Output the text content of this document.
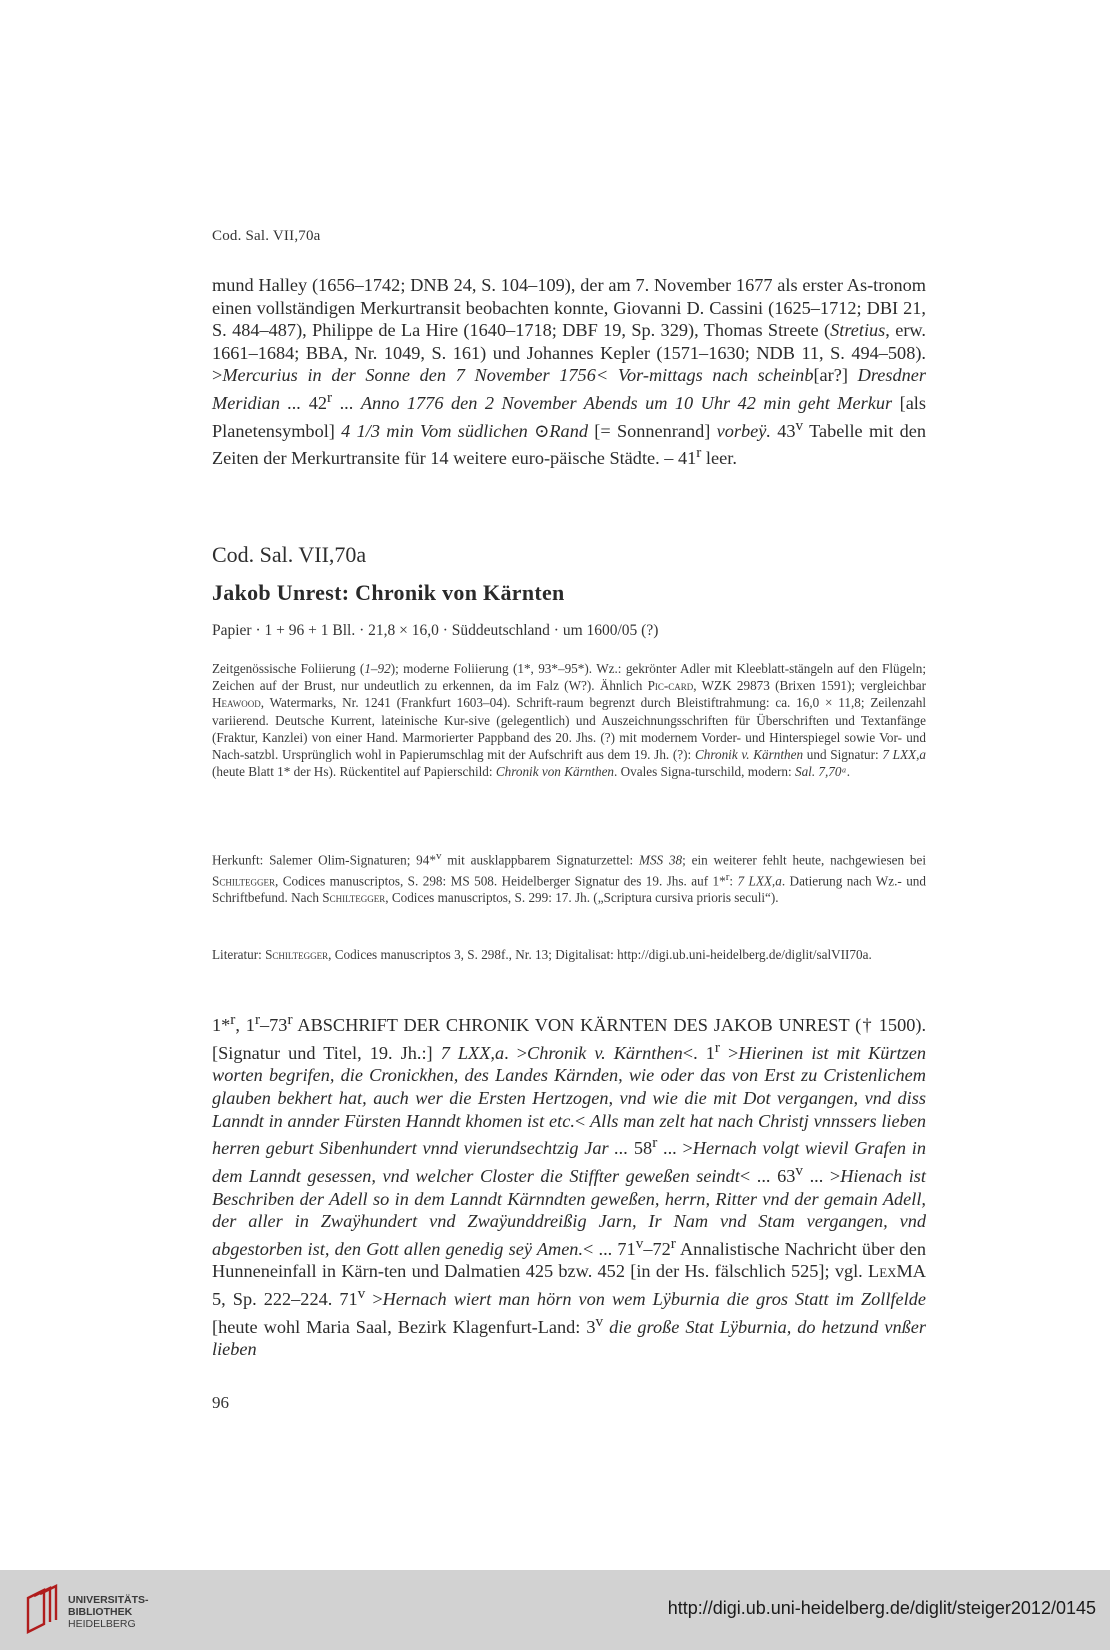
Cod. Sal. VII,70a
mund Halley (1656–1742; DNB 24, S. 104–109), der am 7. November 1677 als erster As-tronom einen vollständigen Merkurtransit beobachten konnte, Giovanni D. Cassini (1625–1712; DBI 21, S. 484–487), Philippe de La Hire (1640–1718; DBF 19, Sp. 329), Thomas Streete (Stretius, erw. 1661–1684; BBA, Nr. 1049, S. 161) und Johannes Kepler (1571–1630; NDB 11, S. 494–508). >Mercurius in der Sonne den 7 November 1756< Vor-mittags nach scheinb[ar?] Dresdner Meridian ... 42$^r$ ... Anno 1776 den 2 November Abends um 10 Uhr 42 min geht Merkur [als Planetensymbol] 4 1/3 min Vom südlichen ⊙Rand [= Sonnenrand] vorbeÿ. 43$^v$ Tabelle mit den Zeiten der Merkurtransite für 14 weitere euro-päische Städte. – 41$^r$ leer.
Cod. Sal. VII,70a
Jakob Unrest: Chronik von Kärnten
Papier · 1 + 96 + 1 Bll. · 21,8 × 16,0 · Süddeutschland · um 1600/05 (?)
Zeitgenössische Foliierung (1–92); moderne Foliierung (1*, 93*–95*). Wz.: gekrönter Adler mit Kleeblatt-stängeln auf den Flügeln; Zeichen auf der Brust, nur undeutlich zu erkennen, da im Falz (W?). Ähnlich Pic-card, WZK 29873 (Brixen 1591); vergleichbar Heawood, Watermarks, Nr. 1241 (Frankfurt 1603–04). Schrift-raum begrenzt durch Bleistiftrahmung: ca. 16,0 × 11,8; Zeilenzahl variierend. Deutsche Kurrent, lateinische Kur-sive (gelegentlich) und Auszeichnungsschriften für Überschriften und Textanfänge (Fraktur, Kanzlei) von einer Hand. Marmorierter Pappband des 20. Jhs. (?) mit modernem Vorder- und Hinterspiegel sowie Vor- und Nach-satzbl. Ursprünglich wohl in Papierumschlag mit der Aufschrift aus dem 19. Jh. (?): Chronik v. Kärnthen und Signatur: 7 LXX,a (heute Blatt 1* der Hs). Rückentitel auf Papierschild: Chronik von Kärnthen. Ovales Signa-turschild, modern: Sal. 7,70ᵃ.
Herkunft: Salemer Olim-Signaturen; 94*$^v$ mit ausklappbarem Signaturzettel: MSS 38; ein weiterer fehlt heute, nachgewiesen bei Schiltegger, Codices manuscriptos, S. 298: MS 508. Heidelberger Signatur des 19. Jhs. auf 1*$^r$: 7 LXX,a. Datierung nach Wz.- und Schriftbefund. Nach Schiltegger, Codices manuscriptos, S. 299: 17. Jh. („Scriptura cursiva prioris seculi“).
Literatur: Schiltegger, Codices manuscriptos 3, S. 298f., Nr. 13; Digitalisat: http://digi.ub.uni-heidelberg.de/diglit/salVII70a.
1*$^r$, 1$^r$–73$^r$ ABSCHRIFT DER CHRONIK VON KÄRNTEN DES JAKOB UNREST († 1500). [Signatur und Titel, 19. Jh.:] 7 LXX,a. >Chronik v. Kärnthen<. $1^r$ >Hierinen ist mit Kürtzen worten begrifen, die Cronickhen, des Landes Kärnden, wie oder das von Erst zu Cristenlichem glauben bekhert hat, auch wer die Ersten Hertzogen, vnd wie die mit Dot vergangen, vnd diss Lanndt in annder Fürsten Hanndt khomen ist etc.< Alls man zelt hat nach Christj vnnssers lieben herren geburt Sibenhundert vnnd vierundsechtzig Jar ... 58$^r$ ... >Hernach volgt wievil Grafen in dem Lanndt gesessen, vnd welcher Closter die Stiffter geweßen seindt< ... 63$^v$ ... >Hienach ist Beschriben der Adell so in dem Lanndt Kärnndten geweßen, herrn, Ritter vnd der gemain Adell, der aller in Zwaÿhundert vnd Zwaÿunddreißig Jarn, Ir Nam vnd Stam vergangen, vnd abgestorben ist, den Gott allen genedig seÿ Amen.< ... 71$^v$–72$^r$ Annalistische Nachricht über den Hunneneinfall in Kärn-ten und Dalmatien 425 bzw. 452 [in der Hs. fälschlich 525]; vgl. LexMA 5, Sp. 222–224. $71^v$ >Hernach wiert man hörn von wem Lÿburnia die gros Statt im Zollfelde [heute wohl Maria Saal, Bezirk Klagenfurt-Land: 3$^v$ die große Stat Lÿburnia, do hetzund vnßer lieben
96
UNIVERSITÄTS-
BIBLIOTHEK
HEIDELBERG
http://digi.ub.uni-heidelberg.de/diglit/steiger2012/0145
